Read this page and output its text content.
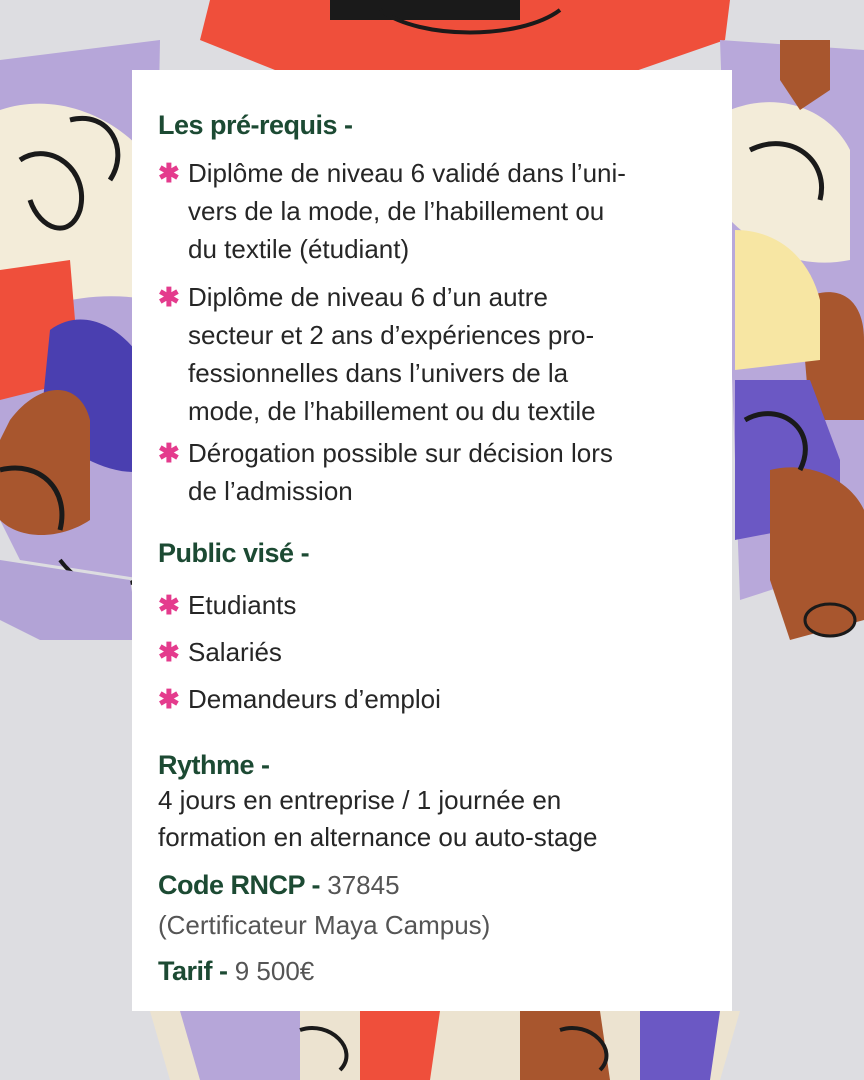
Les pré-requis -
✱ Diplôme de niveau 6 validé dans l’uni-
vers de la mode, de l’habillement ou
du textile (étudiant)
✱ Diplôme de niveau 6 d’un autre
secteur et 2 ans d’expériences pro-
fessionnelles dans l’univers de la
mode, de l’habillement ou du textile
✱ Dérogation possible sur décision lors
de l’admission
Public visé -
✱ Etudiants
✱ Salariés
✱ Demandeurs d’emploi
Rythme -
4 jours en entreprise / 1 journée en
formation en alternance ou auto-stage
Code RNCP - 37845
(Certificateur Maya Campus)
Tarif - 9 500€
